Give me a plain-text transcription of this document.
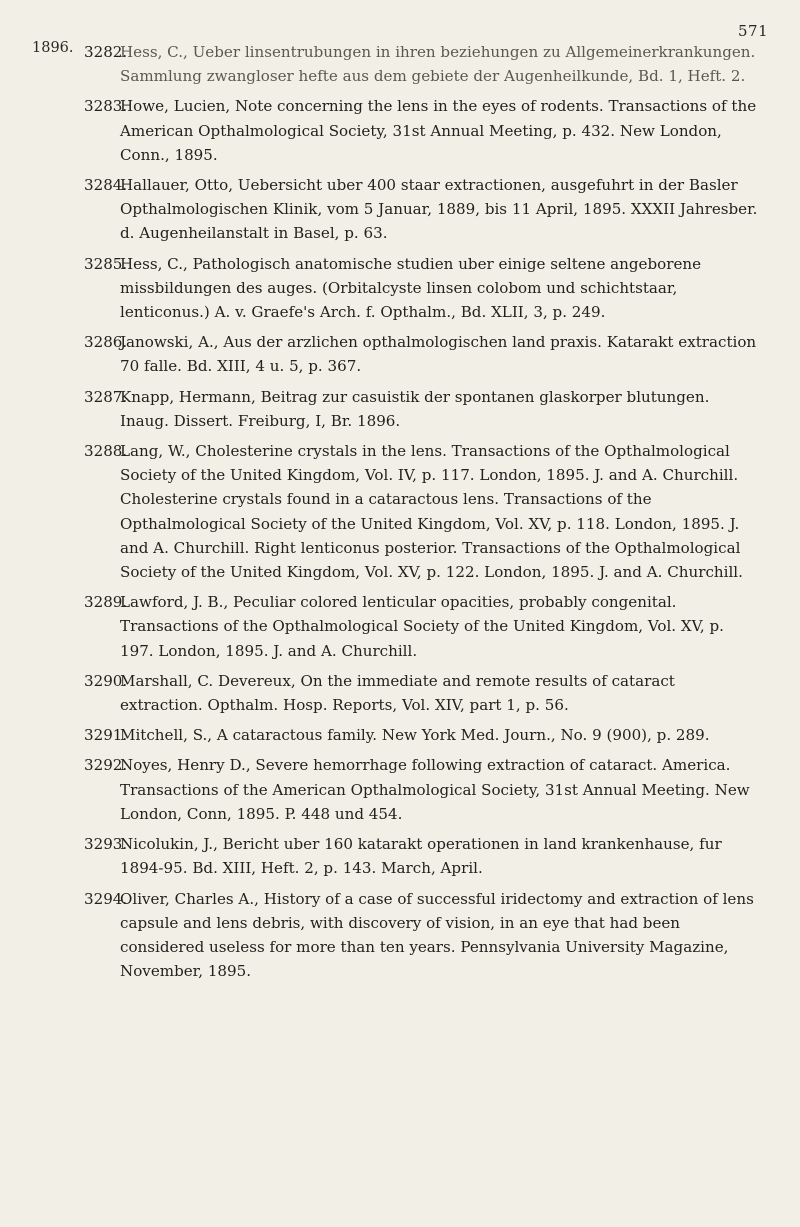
571
1896. 3282.
Hess, C., Ueber linsentrubungen in ihren beziehungen zu Allgemeinerkrankungen. Sammlung zwangloser hefte aus dem gebiete der Augenheilkunde, Bd. 1, Heft. 2.
3283.
Howe, Lucien, Note concerning the lens in the eyes of rodents. Transactions of the American Opthalmological Society, 31st Annual Meeting, p. 432. New London, Conn., 1895.
3284.
Hallauer, Otto, Uebersicht uber 400 staar extractionen, ausgefuhrt in der Basler Opthalmologischen Klinik, vom 5 Januar, 1889, bis 11 April, 1895. XXXII Jahresber. d. Augenheilanstalt in Basel, p. 63.
3285.
Hess, C., Pathologisch anatomische studien uber einige seltene angeborene missbildungen des auges. (Orbitalcyste linsen colobom und schichtstaar, lenticonus.) A. v. Graefe's Arch. f. Opthalm., Bd. XLII, 3, p. 249.
3286.
Janowski, A., Aus der arzlichen opthalmologischen land praxis. Katarakt extraction 70 falle. Bd. XIII, 4 u. 5, p. 367.
3287.
Knapp, Hermann, Beitrag zur casuistik der spontanen glaskorper blutungen. Inaug. Dissert. Freiburg, I, Br. 1896.
3288.
Lang, W., Cholesterine crystals in the lens. Transactions of the Opthalmological Society of the United Kingdom, Vol. IV, p. 117. London, 1895. J. and A. Churchill. Cholesterine crystals found in a cataractous lens. Transactions of the Opthalmological Society of the United Kingdom, Vol. XV, p. 118. London, 1895. J. and A. Churchill. Right lenticonus posterior. Transactions of the Opthalmological Society of the United Kingdom, Vol. XV, p. 122. London, 1895. J. and A. Churchill.
3289.
Lawford, J. B., Peculiar colored lenticular opacities, probably congenital. Transactions of the Opthalmological Society of the United Kingdom, Vol. XV, p. 197. London, 1895. J. and A. Churchill.
3290.
Marshall, C. Devereux, On the immediate and remote results of cataract extraction. Opthalm. Hosp. Reports, Vol. XIV, part 1, p. 56.
3291.
Mitchell, S., A cataractous family. New York Med. Journ., No. 9 (900), p. 289.
3292.
Noyes, Henry D., Severe hemorrhage following extraction of cataract. America. Transactions of the American Opthalmological Society, 31st Annual Meeting. New London, Conn, 1895. P. 448 und 454.
3293.
Nicolukin, J., Bericht uber 160 katarakt operationen in land krankenhause, fur 1894-95. Bd. XIII, Heft. 2, p. 143. March, April.
3294.
Oliver, Charles A., History of a case of successful iridectomy and extraction of lens capsule and lens debris, with discovery of vision, in an eye that had been considered useless for more than ten years. Pennsylvania University Magazine, November, 1895.
